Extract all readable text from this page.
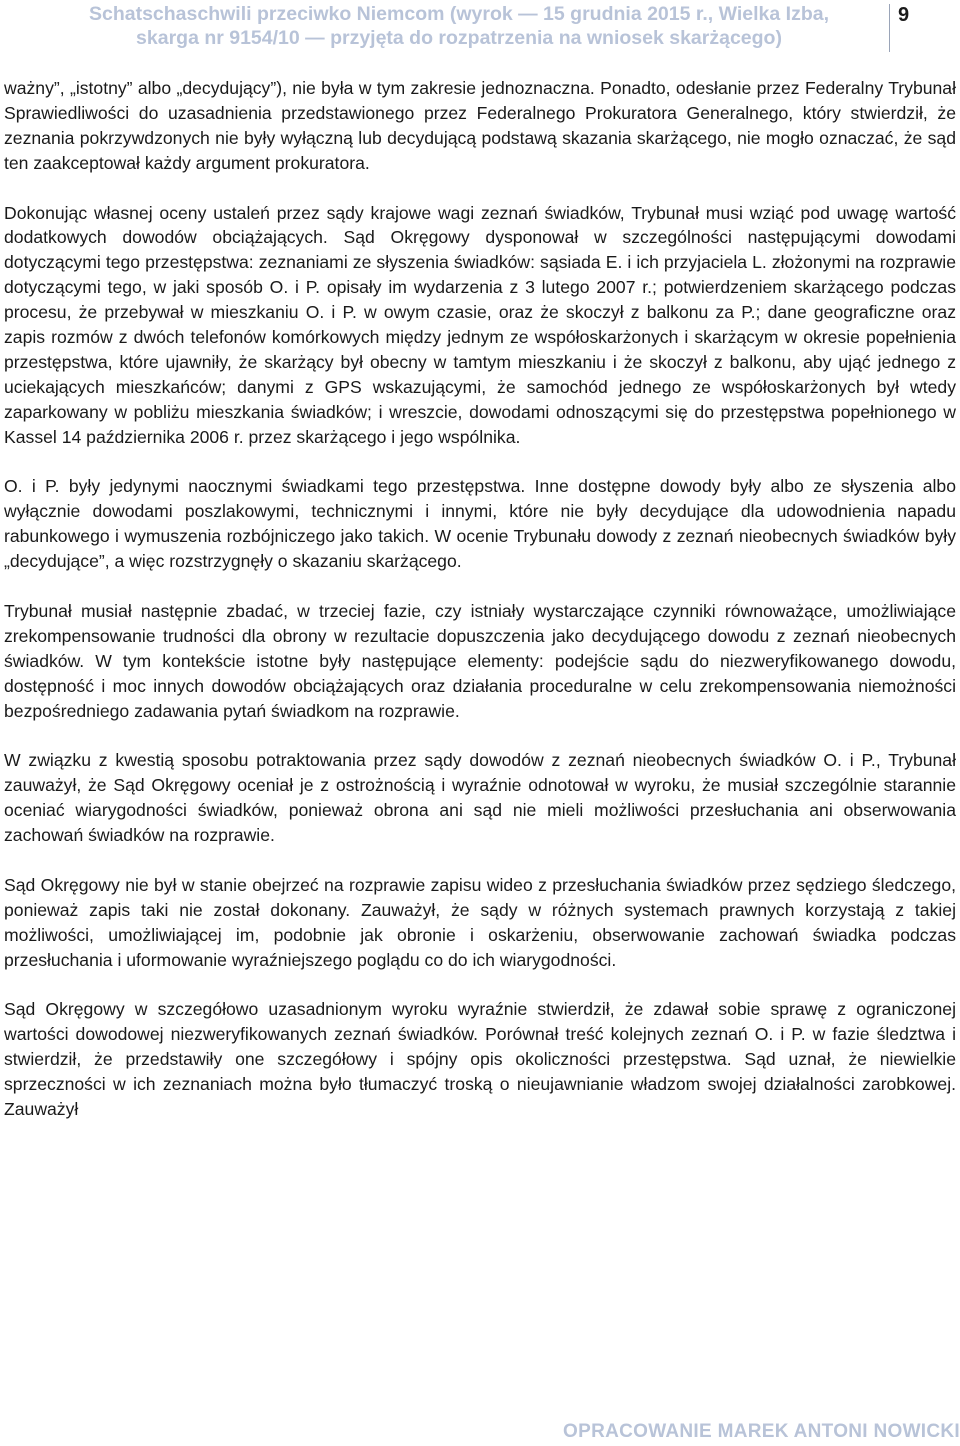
Schatschaschwili przeciwko Niemcom (wyrok — 15 grudnia 2015 r., Wielka Izba,
skarga nr 9154/10 — przyjęta do rozpatrzenia na wniosek skarżącego)
9

ważny”, „istotny” albo „decydujący”), nie była w tym zakresie jednoznaczna. Ponadto, odesłanie przez Federalny Trybunał Sprawiedliwości do uzasadnienia przedstawionego przez Federalnego Prokuratora Generalnego, który stwierdził, że zeznania pokrzywdzonych nie były wyłączną lub decydującą podstawą skazania skarżącego, nie mogło oznaczać, że sąd ten zaakceptował każdy argument prokuratora.

Dokonując własnej oceny ustaleń przez sądy krajowe wagi zeznań świadków, Trybunał musi wziąć pod uwagę wartość dodatkowych dowodów obciążających. Sąd Okręgowy dysponował w szczególności następującymi dowodami dotyczącymi tego przestępstwa: zeznaniami ze słyszenia świadków: sąsiada E. i ich przyjaciela L. złożonymi na rozprawie dotyczącymi tego, w jaki sposób O. i P. opisały im wydarzenia z 3 lutego 2007 r.; potwierdzeniem skarżącego podczas procesu, że przebywał w mieszkaniu O. i P. w owym czasie, oraz że skoczył z balkonu za P.; dane geograficzne oraz zapis rozmów z dwóch telefonów komórkowych między jednym ze współoskarżonych i skarżącym w okresie popełnienia przestępstwa, które ujawniły, że skarżący był obecny w tamtym mieszkaniu i że skoczył z balkonu, aby ująć jednego z uciekających mieszkańców; danymi z GPS wskazującymi, że samochód jednego ze współoskarżonych był wtedy zaparkowany w pobliżu mieszkania świadków; i wreszcie, dowodami odnoszącymi się do przestępstwa popełnionego w Kassel 14 października 2006 r. przez skarżącego i jego wspólnika.

O. i P. były jedynymi naocznymi świadkami tego przestępstwa. Inne dostępne dowody były albo ze słyszenia albo wyłącznie dowodami poszlakowymi, technicznymi i innymi, które nie były decydujące dla udowodnienia napadu rabunkowego i wymuszenia rozbójniczego jako takich. W ocenie Trybunału dowody z zeznań nieobecnych świadków były „decydujące”, a więc rozstrzygnęły o skazaniu skarżącego.

Trybunał musiał następnie zbadać, w trzeciej fazie, czy istniały wystarczające czynniki równoważące, umożliwiające zrekompensowanie trudności dla obrony w rezultacie dopuszczenia jako decydującego dowodu z zeznań nieobecnych świadków. W tym kontekście istotne były następujące elementy: podejście sądu do niezweryfikowanego dowodu, dostępność i moc innych dowodów obciążających oraz działania proceduralne w celu zrekompensowania niemożności bezpośredniego zadawania pytań świadkom na rozprawie.

W związku z kwestią sposobu potraktowania przez sądy dowodów z zeznań nieobecnych świadków O. i P., Trybunał zauważył, że Sąd Okręgowy oceniał je z ostrożnością i wyraźnie odnotował w wyroku, że musiał szczególnie starannie oceniać wiarygodności świadków, ponieważ obrona ani sąd nie mieli możliwości przesłuchania ani obserwowania zachowań świadków na rozprawie.

Sąd Okręgowy nie był w stanie obejrzeć na rozprawie zapisu wideo z przesłuchania świadków przez sędziego śledczego, ponieważ zapis taki nie został dokonany. Zauważył, że sądy w różnych systemach prawnych korzystają z takiej możliwości, umożliwiającej im, podobnie jak obronie i oskarżeniu, obserwowanie zachowań świadka podczas przesłuchania i uformowanie wyraźniejszego poglądu co do ich wiarygodności.

Sąd Okręgowy w szczegółowo uzasadnionym wyroku wyraźnie stwierdził, że zdawał sobie sprawę z ograniczonej wartości dowodowej niezweryfikowanych zeznań świadków. Porównał treść kolejnych zeznań O. i P. w fazie śledztwa i stwierdził, że przedstawiły one szczegółowy i spójny opis okoliczności przestępstwa. Sąd uznał, że niewielkie sprzeczności w ich zeznaniach można było tłumaczyć troską o nieujawnianie władzom swojej działalności zarobkowej. Zauważył

OPRACOWANIE MAREK ANTONI NOWICKI
